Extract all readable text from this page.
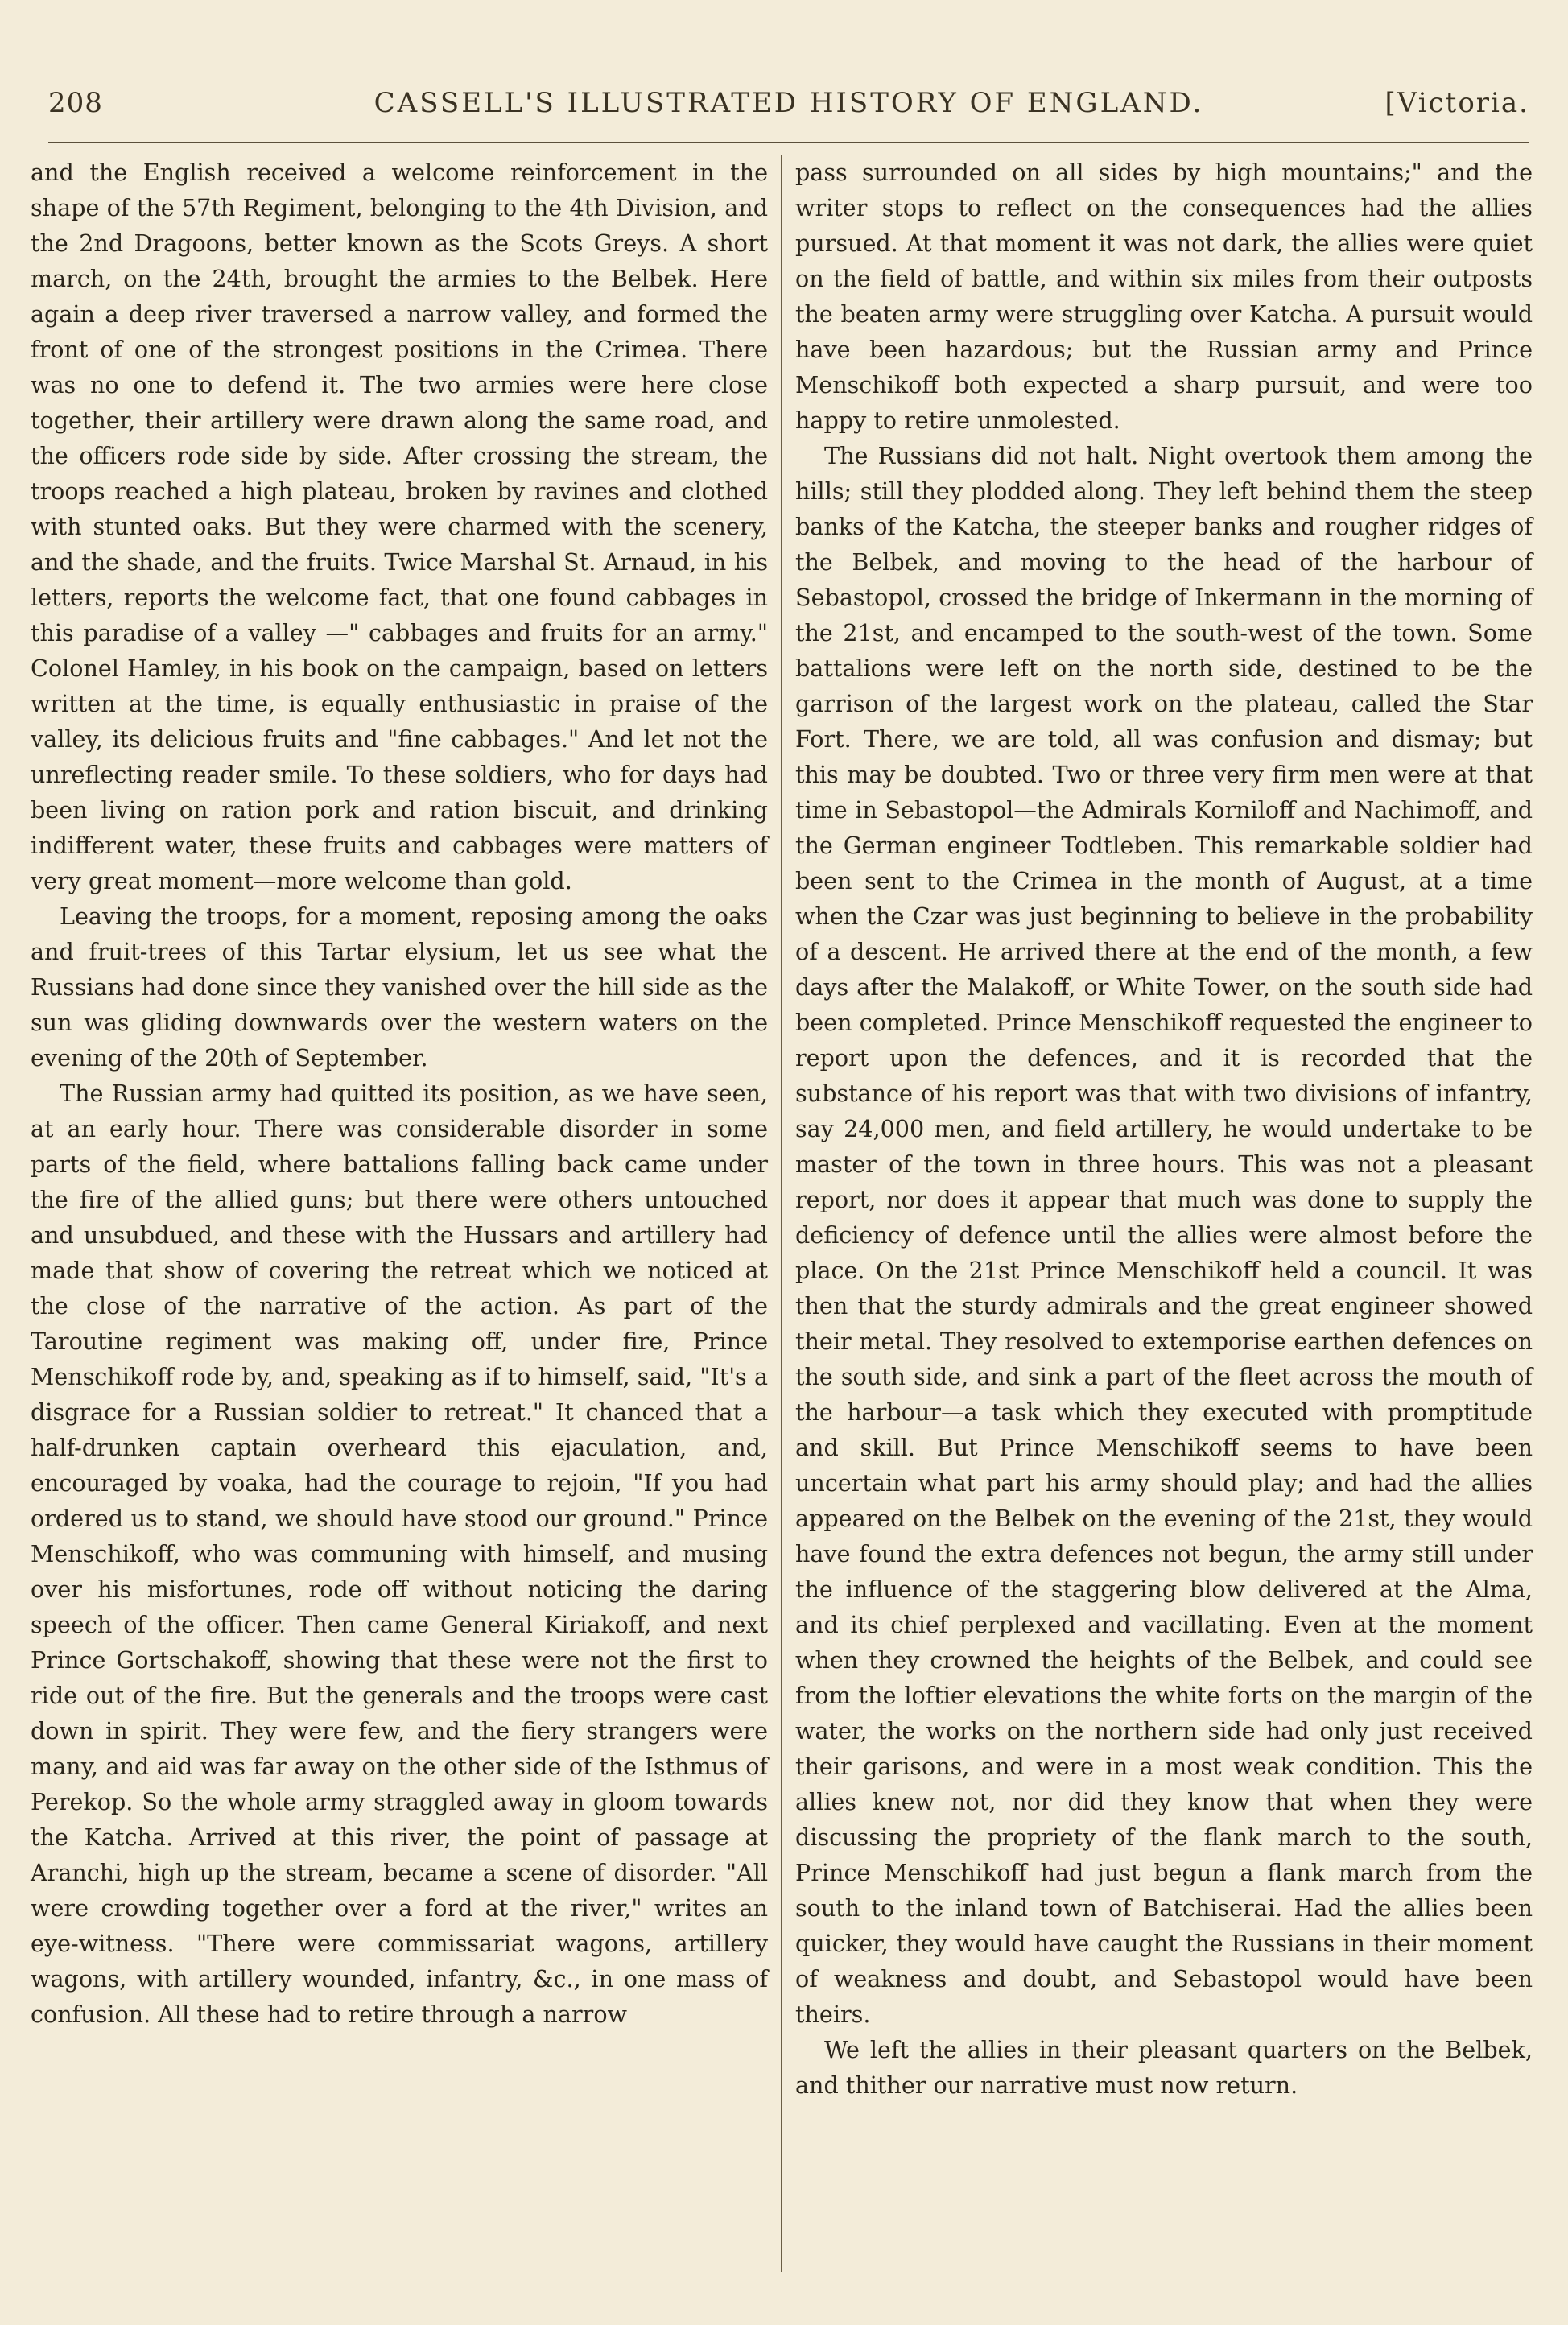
208	CASSELL'S ILLUSTRATED HISTORY OF ENGLAND.	[Victoria.

and the English received a welcome reinforcement in the shape of the 57th Regiment, belonging to the 4th Division, and the 2nd Dragoons, better known as the Scots Greys. A short march, on the 24th, brought the armies to the Belbek. Here again a deep river traversed a narrow valley, and formed the front of one of the strongest positions in the Crimea. There was no one to defend it. The two armies were here close together, their artillery were drawn along the same road, and the officers rode side by side. After crossing the stream, the troops reached a high plateau, broken by ravines and clothed with stunted oaks. But they were charmed with the scenery, and the shade, and the fruits. Twice Marshal St. Arnaud, in his letters, reports the welcome fact, that one found cabbages in this paradise of a valley —" cabbages and fruits for an army." Colonel Hamley, in his book on the campaign, based on letters written at the time, is equally enthusiastic in praise of the valley, its delicious fruits and "fine cabbages." And let not the unreflecting reader smile. To these soldiers, who for days had been living on ration pork and ration biscuit, and drinking indifferent water, these fruits and cabbages were matters of very great moment—more welcome than gold.

Leaving the troops, for a moment, reposing among the oaks and fruit-trees of this Tartar elysium, let us see what the Russians had done since they vanished over the hill side as the sun was gliding downwards over the western waters on the evening of the 20th of September.

The Russian army had quitted its position, as we have seen, at an early hour. There was considerable disorder in some parts of the field, where battalions falling back came under the fire of the allied guns; but there were others untouched and unsubdued, and these with the Hussars and artillery had made that show of covering the retreat which we noticed at the close of the narrative of the action. As part of the Taroutine regiment was making off, under fire, Prince Menschikoff rode by, and, speaking as if to himself, said, "It's a disgrace for a Russian soldier to retreat." It chanced that a half-drunken captain overheard this ejaculation, and, encouraged by voaka, had the courage to rejoin, "If you had ordered us to stand, we should have stood our ground." Prince Menschikoff, who was communing with himself, and musing over his misfortunes, rode off without noticing the daring speech of the officer. Then came General Kiriakoff, and next Prince Gortschakoff, showing that these were not the first to ride out of the fire. But the generals and the troops were cast down in spirit. They were few, and the fiery strangers were many, and aid was far away on the other side of the Isthmus of Perekop. So the whole army straggled away in gloom towards the Katcha. Arrived at this river, the point of passage at Aranchi, high up the stream, became a scene of disorder. "All were crowding together over a ford at the river," writes an eye-witness. "There were commissariat wagons, artillery wagons, with artillery wounded, infantry, &c., in one mass of confusion. All these had to retire through a narrow

pass surrounded on all sides by high mountains;" and the writer stops to reflect on the consequences had the allies pursued. At that moment it was not dark, the allies were quiet on the field of battle, and within six miles from their outposts the beaten army were struggling over Katcha. A pursuit would have been hazardous; but the Russian army and Prince Menschikoff both expected a sharp pursuit, and were too happy to retire unmolested.

The Russians did not halt. Night overtook them among the hills; still they plodded along. They left behind them the steep banks of the Katcha, the steeper banks and rougher ridges of the Belbek, and moving to the head of the harbour of Sebastopol, crossed the bridge of Inkermann in the morning of the 21st, and encamped to the south-west of the town. Some battalions were left on the north side, destined to be the garrison of the largest work on the plateau, called the Star Fort. There, we are told, all was confusion and dismay; but this may be doubted. Two or three very firm men were at that time in Sebastopol—the Admirals Korniloff and Nachimoff, and the German engineer Todtleben. This remarkable soldier had been sent to the Crimea in the month of August, at a time when the Czar was just beginning to believe in the probability of a descent. He arrived there at the end of the month, a few days after the Malakoff, or White Tower, on the south side had been completed. Prince Menschikoff requested the engineer to report upon the defences, and it is recorded that the substance of his report was that with two divisions of infantry, say 24,000 men, and field artillery, he would undertake to be master of the town in three hours. This was not a pleasant report, nor does it appear that much was done to supply the deficiency of defence until the allies were almost before the place. On the 21st Prince Menschikoff held a council. It was then that the sturdy admirals and the great engineer showed their metal. They resolved to extemporise earthen defences on the south side, and sink a part of the fleet across the mouth of the harbour—a task which they executed with promptitude and skill. But Prince Menschikoff seems to have been uncertain what part his army should play; and had the allies appeared on the Belbek on the evening of the 21st, they would have found the extra defences not begun, the army still under the influence of the staggering blow delivered at the Alma, and its chief perplexed and vacillating. Even at the moment when they crowned the heights of the Belbek, and could see from the loftier elevations the white forts on the margin of the water, the works on the northern side had only just received their garisons, and were in a most weak condition. This the allies knew not, nor did they know that when they were discussing the propriety of the flank march to the south, Prince Menschikoff had just begun a flank march from the south to the inland town of Batchiserai. Had the allies been quicker, they would have caught the Russians in their moment of weakness and doubt, and Sebastopol would have been theirs.

We left the allies in their pleasant quarters on the Belbek, and thither our narrative must now return.
